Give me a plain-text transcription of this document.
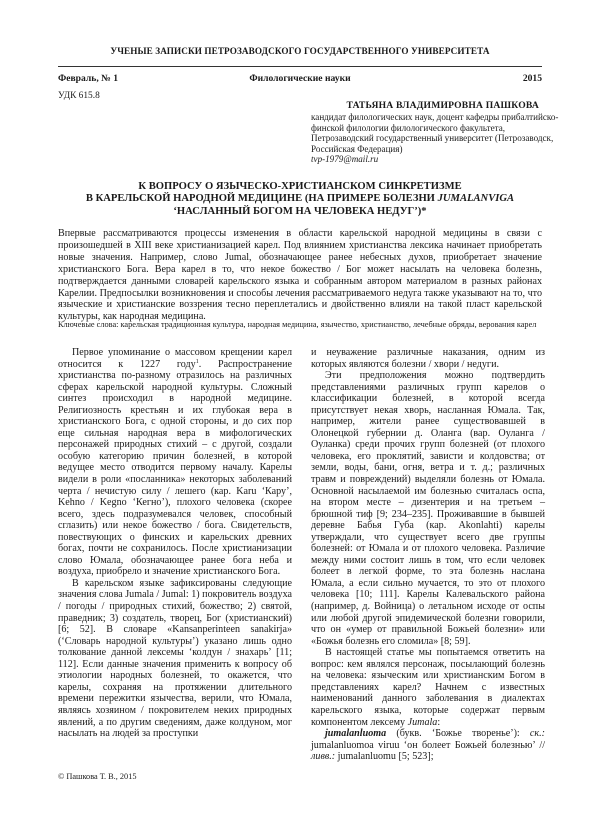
УЧЕНЫЕ ЗАПИСКИ ПЕТРОЗАВОДСКОГО ГОСУДАРСТВЕННОГО УНИВЕРСИТЕТА
Февраль, № 1	Филологические науки	2015
УДК 615.8
ТАТЬЯНА ВЛАДИМИРОВНА ПАШКОВА
кандидат филологических наук, доцент кафедры прибалтийско-финской филологии филологического факультета, Петрозаводский государственный университет (Петрозаводск, Российская Федерация)
tvp-1979@mail.ru
К ВОПРОСУ О ЯЗЫЧЕСКО-ХРИСТИАНСКОМ СИНКРЕТИЗМЕ
В КАРЕЛЬСКОЙ НАРОДНОЙ МЕДИЦИНЕ (НА ПРИМЕРЕ БОЛЕЗНИ JUMALANVIGA
‘НАСЛАННЫЙ БОГОМ НА ЧЕЛОВЕКА НЕДУГ’)*
Впервые рассматриваются процессы изменения в области карельской народной медицины в связи с произошедшей в XIII веке христианизацией карел. Под влиянием христианства лексика начинает приобретать новые значения. Например, слово Jumal, обозначающее ранее небесных духов, приобретает значение христианского Бога. Вера карел в то, что некое божество / Бог может насылать на человека болезнь, подтверждается данными словарей карельского языка и собранным автором материалом в разных районах Карелии. Предпосылки возникновения и способы лечения рассматриваемого недуга также указывают на то, что языческие и христианские воззрения тесно переплетались и двойственно влияли на такой пласт карельской культуры, как народная медицина.
Ключевые слова: карельская традиционная культура, народная медицина, язычество, христианство, лечебные обряды, верования карел

Первое упоминание о массовом крещении карел относится к 1227 году$^1$. Распространение христианства по-разному отразилось на различных сферах карельской народной культуры. Сложный синтез происходил в народной медицине. Религиозность крестьян и их глубокая вера в христианского Бога, с одной стороны, и до сих пор еще сильная народная вера в мифологических персонажей природных стихий – с другой, создали особую категорию причин болезней, в которой ведущее место отводится первому началу. Карелы видели в роли «посланника» некоторых заболеваний черта / нечистую силу / лешего (кар. Karu ‘Кару’, Kehno / Kegno ‘Кегно’), плохого человека (скорее всего, здесь подразумевался человек, способный сглазить) или некое божество / бога. Свидетельств, повествующих о финских и карельских древних богах, почти не сохранилось. После христианизации слово Юмала, обозначающее ранее бога неба и воздуха, приобрело и значение христианского Бога.

В карельском языке зафиксированы следующие значения слова Jumala / Jumal: 1) покровитель воздуха / погоды / природных стихий, божество; 2) святой, праведник; 3) создатель, творец, Бог (христианский) [6; 52]. В словаре «Kansanperinteen sanakirja» (‘Словарь народной культуры’) указано лишь одно толкование данной лексемы ‘колдун / знахарь’ [11; 112]. Если данные значения применить к вопросу об этиологии народных болезней, то окажется, что карелы, сохраняя на протяжении длительного времени пережитки язычества, верили, что Юмала, являясь хозяином / покровителем неких природных явлений, а по другим сведениям, даже колдуном, мог насылать на людей за проступки

и неуважение различные наказания, одним из которых являются болезни / хвори / недуги.

Эти предположения можно подтвердить представлениями различных групп карелов о классификации болезней, в которой всегда присутствует некая хворь, насланная Юмала. Так, например, жители ранее существовавшей в Олонецкой губернии д. Оланга (вар. Оуланга / Оуланка) среди прочих групп болезней (от плохого человека, его проклятий, зависти и колдовства; от земли, воды, бани, огня, ветра и т. д.; различных травм и повреждений) выделяли болезнь от Юмала. Основной насылаемой им болезнью считалась оспа, на втором месте – дизентерия и на третьем – брюшной тиф [9; 234–235]. Проживавшие в бывшей деревне Бабья Губа (кар. Akonlahti) карелы утверждали, что существует всего две группы болезней: от Юмала и от плохого человека. Различие между ними состоит лишь в том, что если человек болеет в легкой форме, то эта болезнь наслана Юмала, а если сильно мучается, то это от плохого человека [10; 111]. Карелы Калевальского района (например, д. Войница) о летальном исходе от оспы или любой другой эпидемической болезни говорили, что он «умер от правильной Божьей болезни» или «Божья болезнь его сломила» [8; 59].

В настоящей статье мы попытаемся ответить на вопрос: кем являлся персонаж, посылающий болезнь на человека: языческим или христианским Богом в представлениях карел? Начнем с известных наименований данного заболевания в диалектах карельского языка, которые содержат первым компонентом лексему Jumala:

jumalanluoma (букв. ‘Божье творенье’): ск.: jumalanluomoa viruu ‘он болеет Божьей болезнью’ // ливв.: jumalanluomu [5; 523];

© Пашкова Т. В., 2015
